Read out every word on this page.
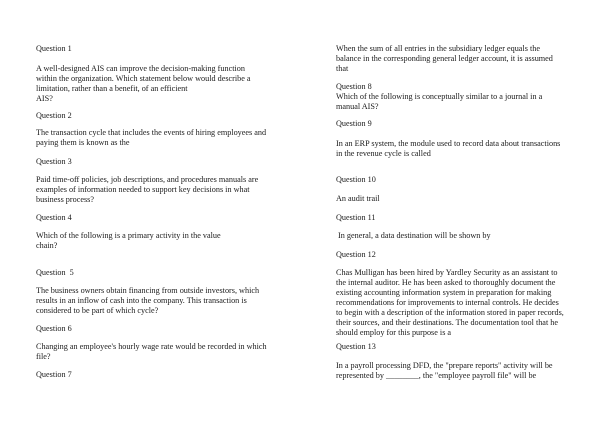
Question 1
A well-designed AIS can improve the decision-making function
within the organization. Which statement below would describe a
limitation, rather than a benefit, of an efficient
AIS?
Question 2
The transaction cycle that includes the events of hiring employees and
paying them is known as the
Question 3
Paid time-off policies, job descriptions, and procedures manuals are
examples of information needed to support key decisions in what
business process?
Question 4
Which of the following is a primary activity in the value
chain?
Question  5
The business owners obtain financing from outside investors, which
results in an inflow of cash into the company. This transaction is
considered to be part of which cycle?
Question 6
Changing an employee's hourly wage rate would be recorded in which
file?
Question 7
When the sum of all entries in the subsidiary ledger equals the
balance in the corresponding general ledger account, it is assumed
that
Question 8
Which of the following is conceptually similar to a journal in a
manual AIS?
Question 9
In an ERP system, the module used to record data about transactions
in the revenue cycle is called
Question 10
An audit trail
Question 11
In general, a data destination will be shown by
Question 12
Chas Mulligan has been hired by Yardley Security as an assistant to
the internal auditor. He has been asked to thoroughly document the
existing accounting information system in preparation for making
recommendations for improvements to internal controls. He decides
to begin with a description of the information stored in paper records,
their sources, and their destinations. The documentation tool that he
should employ for this purpose is a
Question 13
In a payroll processing DFD, the "prepare reports" activity will be
represented by ________, the "employee payroll file" will be
